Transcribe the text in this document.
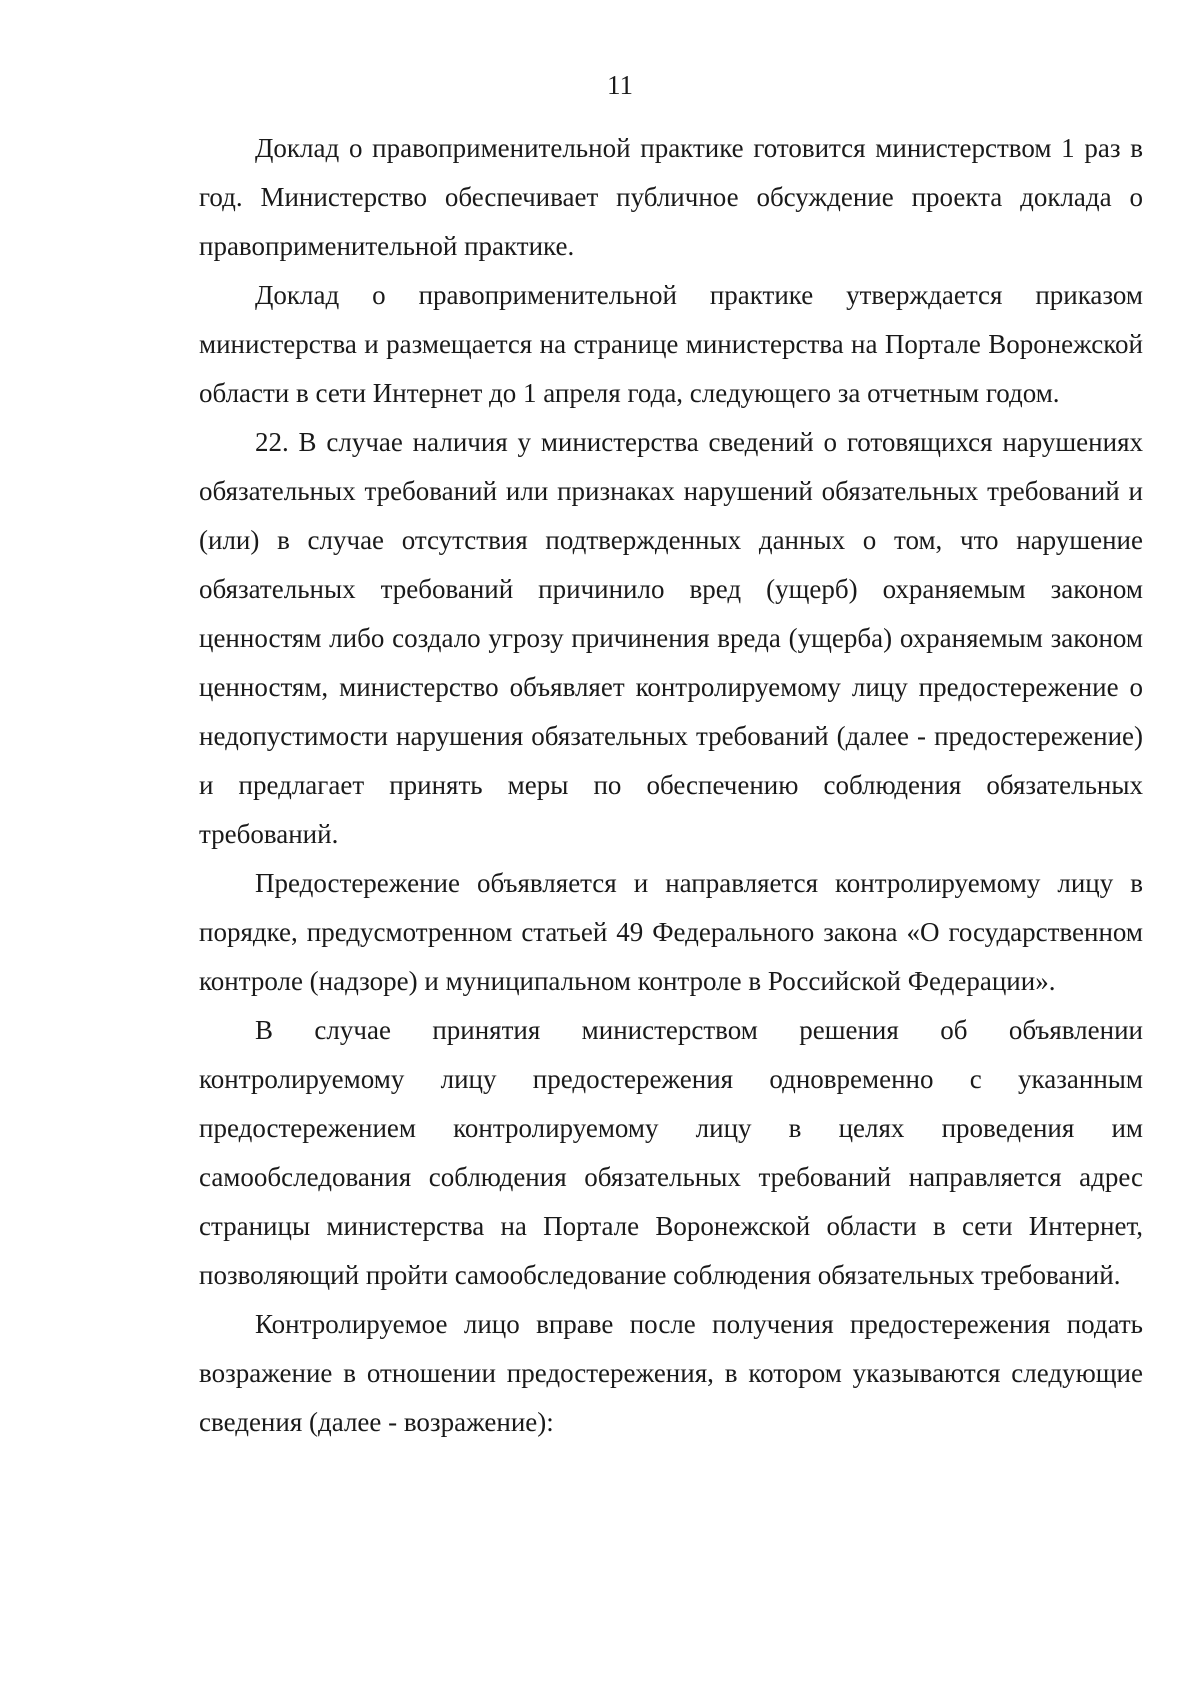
11

Доклад о правоприменительной практике готовится министерством 1 раз в год. Министерство обеспечивает публичное обсуждение проекта доклада о правоприменительной практике.

Доклад о правоприменительной практике утверждается приказом министерства и размещается на странице министерства на Портале Воронежской области в сети Интернет до 1 апреля года, следующего за отчетным годом.

22. В случае наличия у министерства сведений о готовящихся нарушениях обязательных требований или признаках нарушений обязательных требований и (или) в случае отсутствия подтвержденных данных о том, что нарушение обязательных требований причинило вред (ущерб) охраняемым законом ценностям либо создало угрозу причинения вреда (ущерба) охраняемым законом ценностям, министерство объявляет контролируемому лицу предостережение о недопустимости нарушения обязательных требований (далее - предостережение) и предлагает принять меры по обеспечению соблюдения обязательных требований.

Предостережение объявляется и направляется контролируемому лицу в порядке, предусмотренном статьей 49 Федерального закона «О государственном контроле (надзоре) и муниципальном контроле в Российской Федерации».

В случае принятия министерством решения об объявлении контролируемому лицу предостережения одновременно с указанным предостережением контролируемому лицу в целях проведения им самообследования соблюдения обязательных требований направляется адрес страницы министерства на Портале Воронежской области в сети Интернет, позволяющий пройти самообследование соблюдения обязательных требований.

Контролируемое лицо вправе после получения предостережения подать возражение в отношении предостережения, в котором указываются следующие сведения (далее - возражение):
